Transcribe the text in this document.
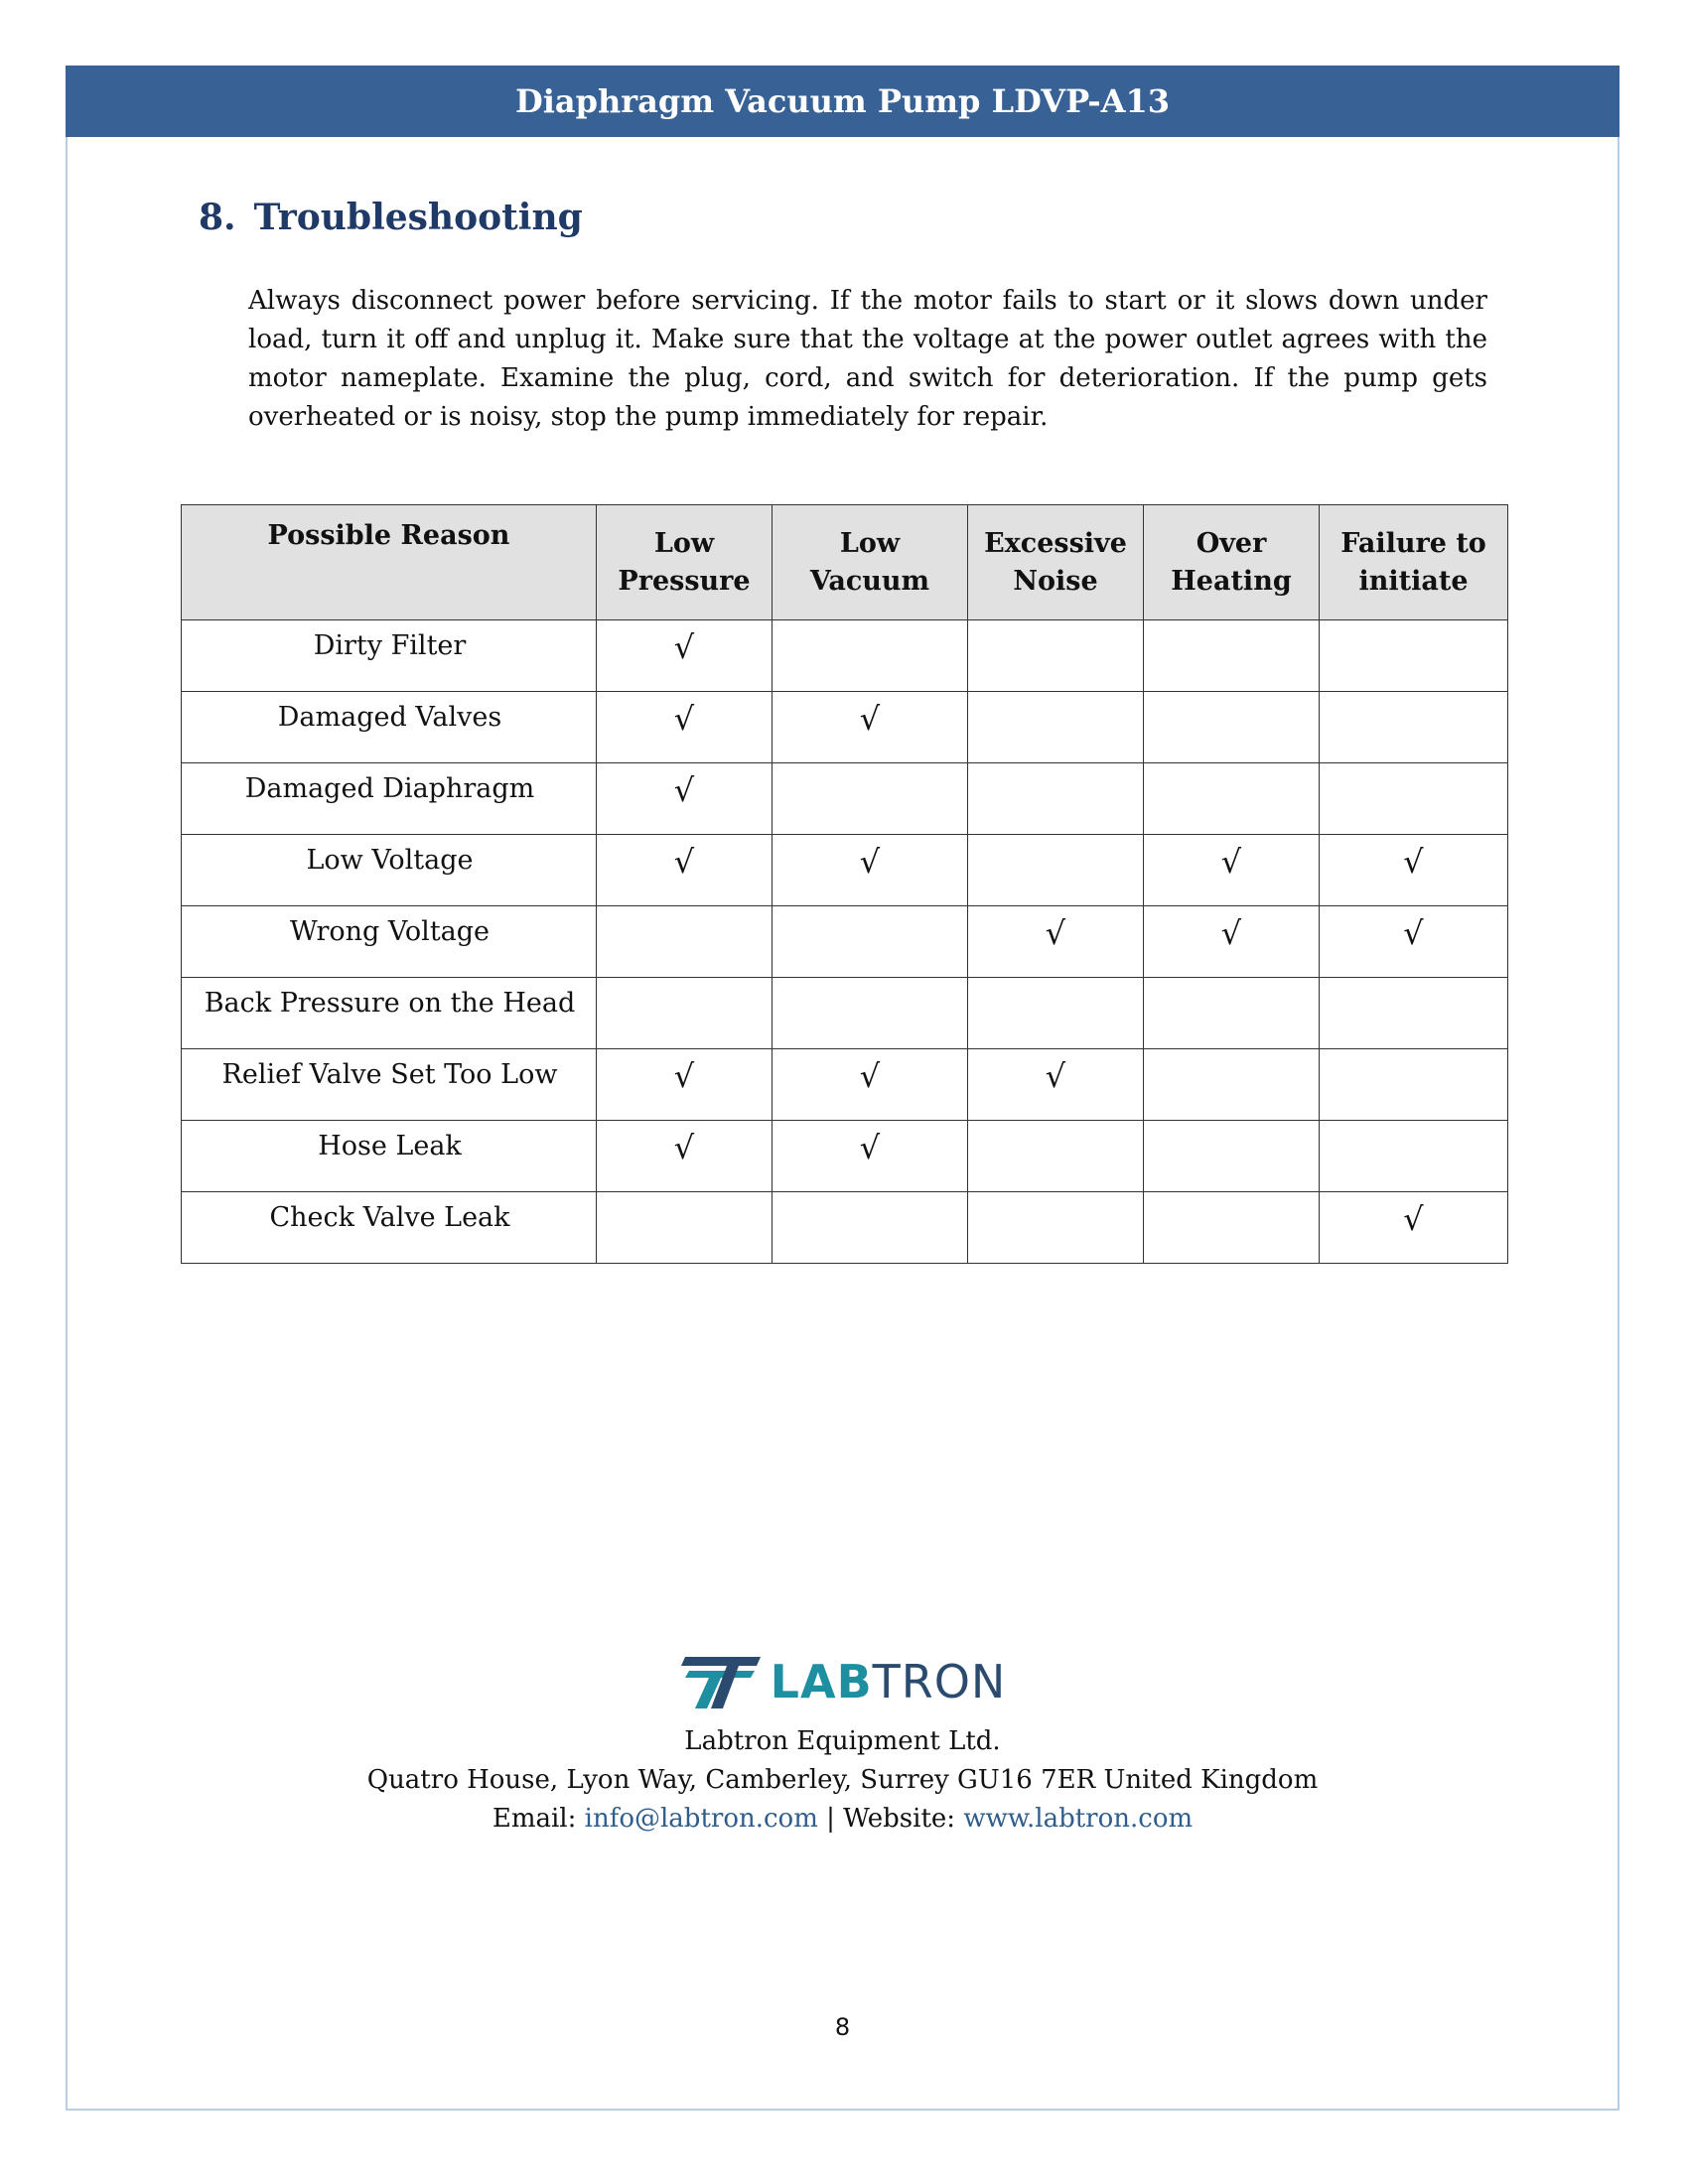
Diaphragm Vacuum Pump LDVP-A13
8. Troubleshooting

Always disconnect power before servicing. If the motor fails to start or it slows down under load, turn it off and unplug it. Make sure that the voltage at the power outlet agrees with the motor nameplate. Examine the plug, cord, and switch for deterioration. If the pump gets overheated or is noisy, stop the pump immediately for repair.

Possible Reason	Low Pressure	Low Vacuum	Excessive Noise	Over Heating	Failure to initiate
Dirty Filter	√				
Damaged Valves	√	√			
Damaged Diaphragm	√				
Low Voltage	√	√		√	√
Wrong Voltage			√	√	√
Back Pressure on the Head					
Relief Valve Set Too Low	√	√	√		
Hose Leak	√	√			
Check Valve Leak					√
LABTRON
Labtron Equipment Ltd.
Quatro House, Lyon Way, Camberley, Surrey GU16 7ER United Kingdom
Email: info@labtron.com | Website: www.labtron.com
8
